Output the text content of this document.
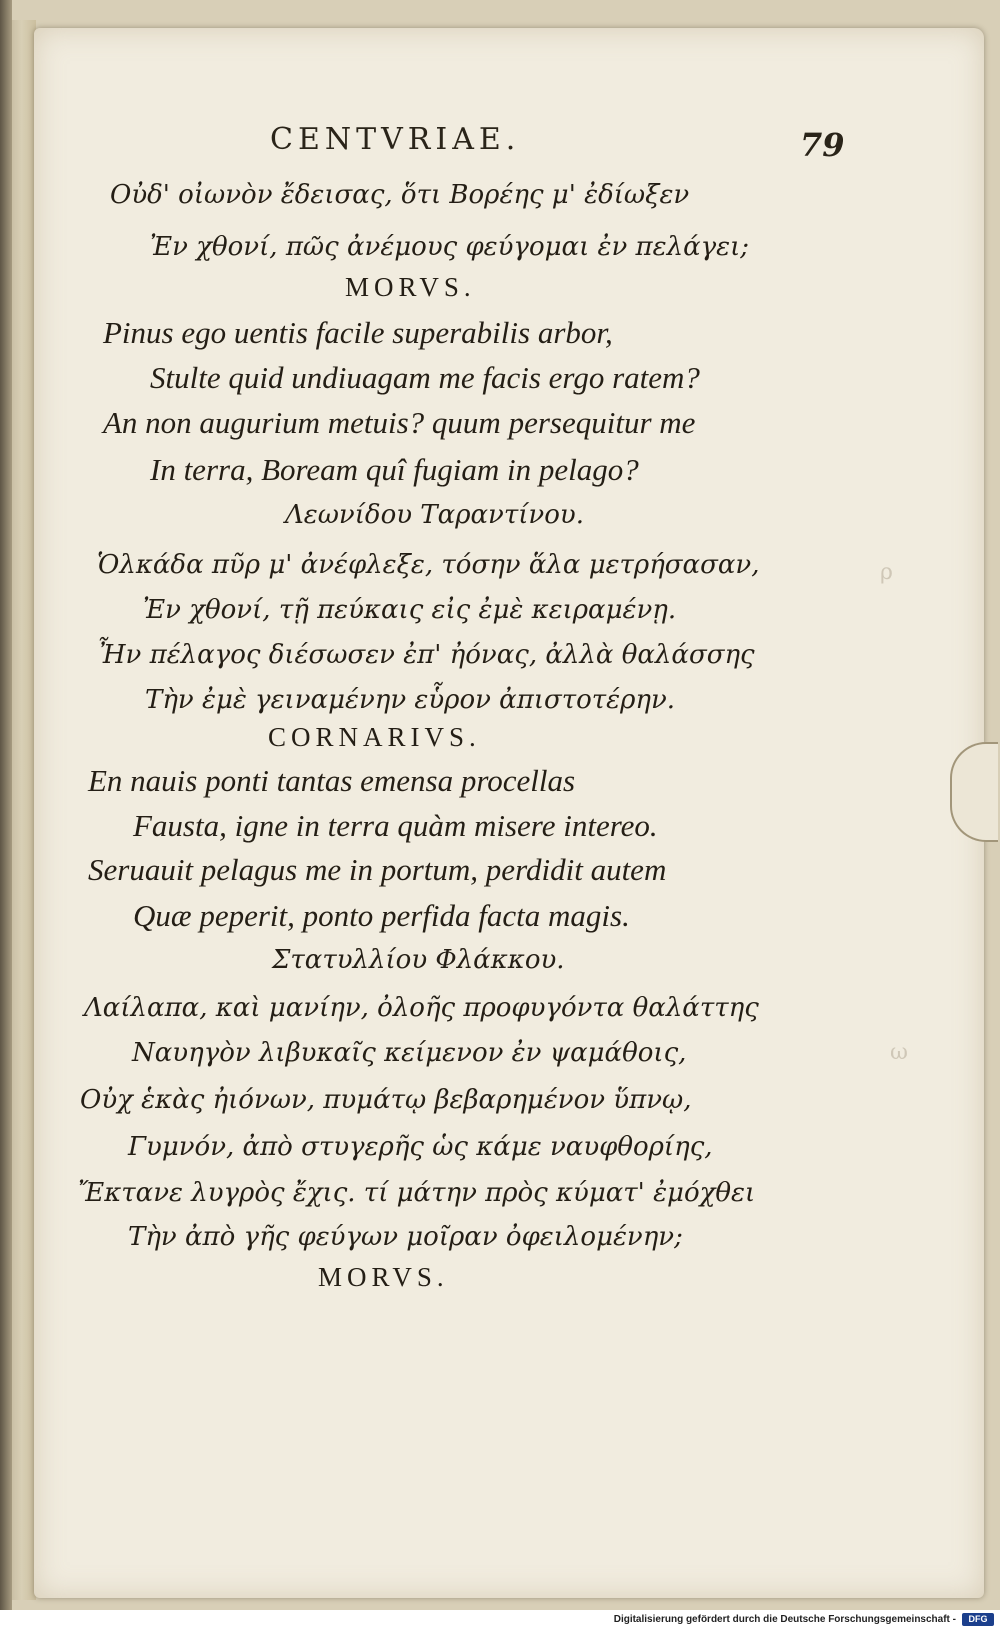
ρ
ω
CENTVRIAE.	79
Οὐδ' οἰωνὸν ἔδεισας, ὅτι Βορέης μ' ἐδίωξεν
Ἐν χθονί, πῶς ἀνέμους φεύγομαι ἐν πελάγει;
MORVS.
Pinus ego uentis facile superabilis arbor,
Stulte quid undiuagam me facis ergo ratem?
An non augurium metuis? quum persequitur me
In terra, Boream quî fugiam in pelago?
Λεωνίδου Ταραντίνου.
Ὁλκάδα πῦρ μ' ἀνέφλεξε, τόσην ἅλα μετρήσασαν,
Ἐν χθονί, τῇ πεύκαις εἰς ἐμὲ κειραμένῃ.
Ἦν πέλαγος διέσωσεν ἐπ' ἠόνας, ἀλλὰ θαλάσσης
Τὴν ἐμὲ γειναμένην εὗρον ἀπιστοτέρην.
CORNARIVS.
En nauis ponti tantas emensa procellas
Fausta, igne in terra quàm misere intereo.
Seruauit pelagus me in portum, perdidit autem
Quæ peperit, ponto perfida facta magis.
Στατυλλίου Φλάκκου.
Λαίλαπα, καὶ μανίην, ὀλοῆς προφυγόντα θαλάττης
Ναυηγὸν λιβυκαῖς κείμενον ἐν ψαμάθοις,
Οὐχ ἑκὰς ἠιόνων, πυμάτῳ βεβαρημένον ὕπνῳ,
Γυμνόν, ἀπὸ στυγερῆς ὡς κάμε ναυφθορίης,
Ἔκτανε λυγρὸς ἔχις. τί μάτην πρὸς κύματ' ἐμόχθει
Τὴν ἀπὸ γῆς φεύγων μοῖραν ὀφειλομένην;
MORVS.
Digitalisierung gefördert durch die Deutsche Forschungsgemeinschaft -	DFG
